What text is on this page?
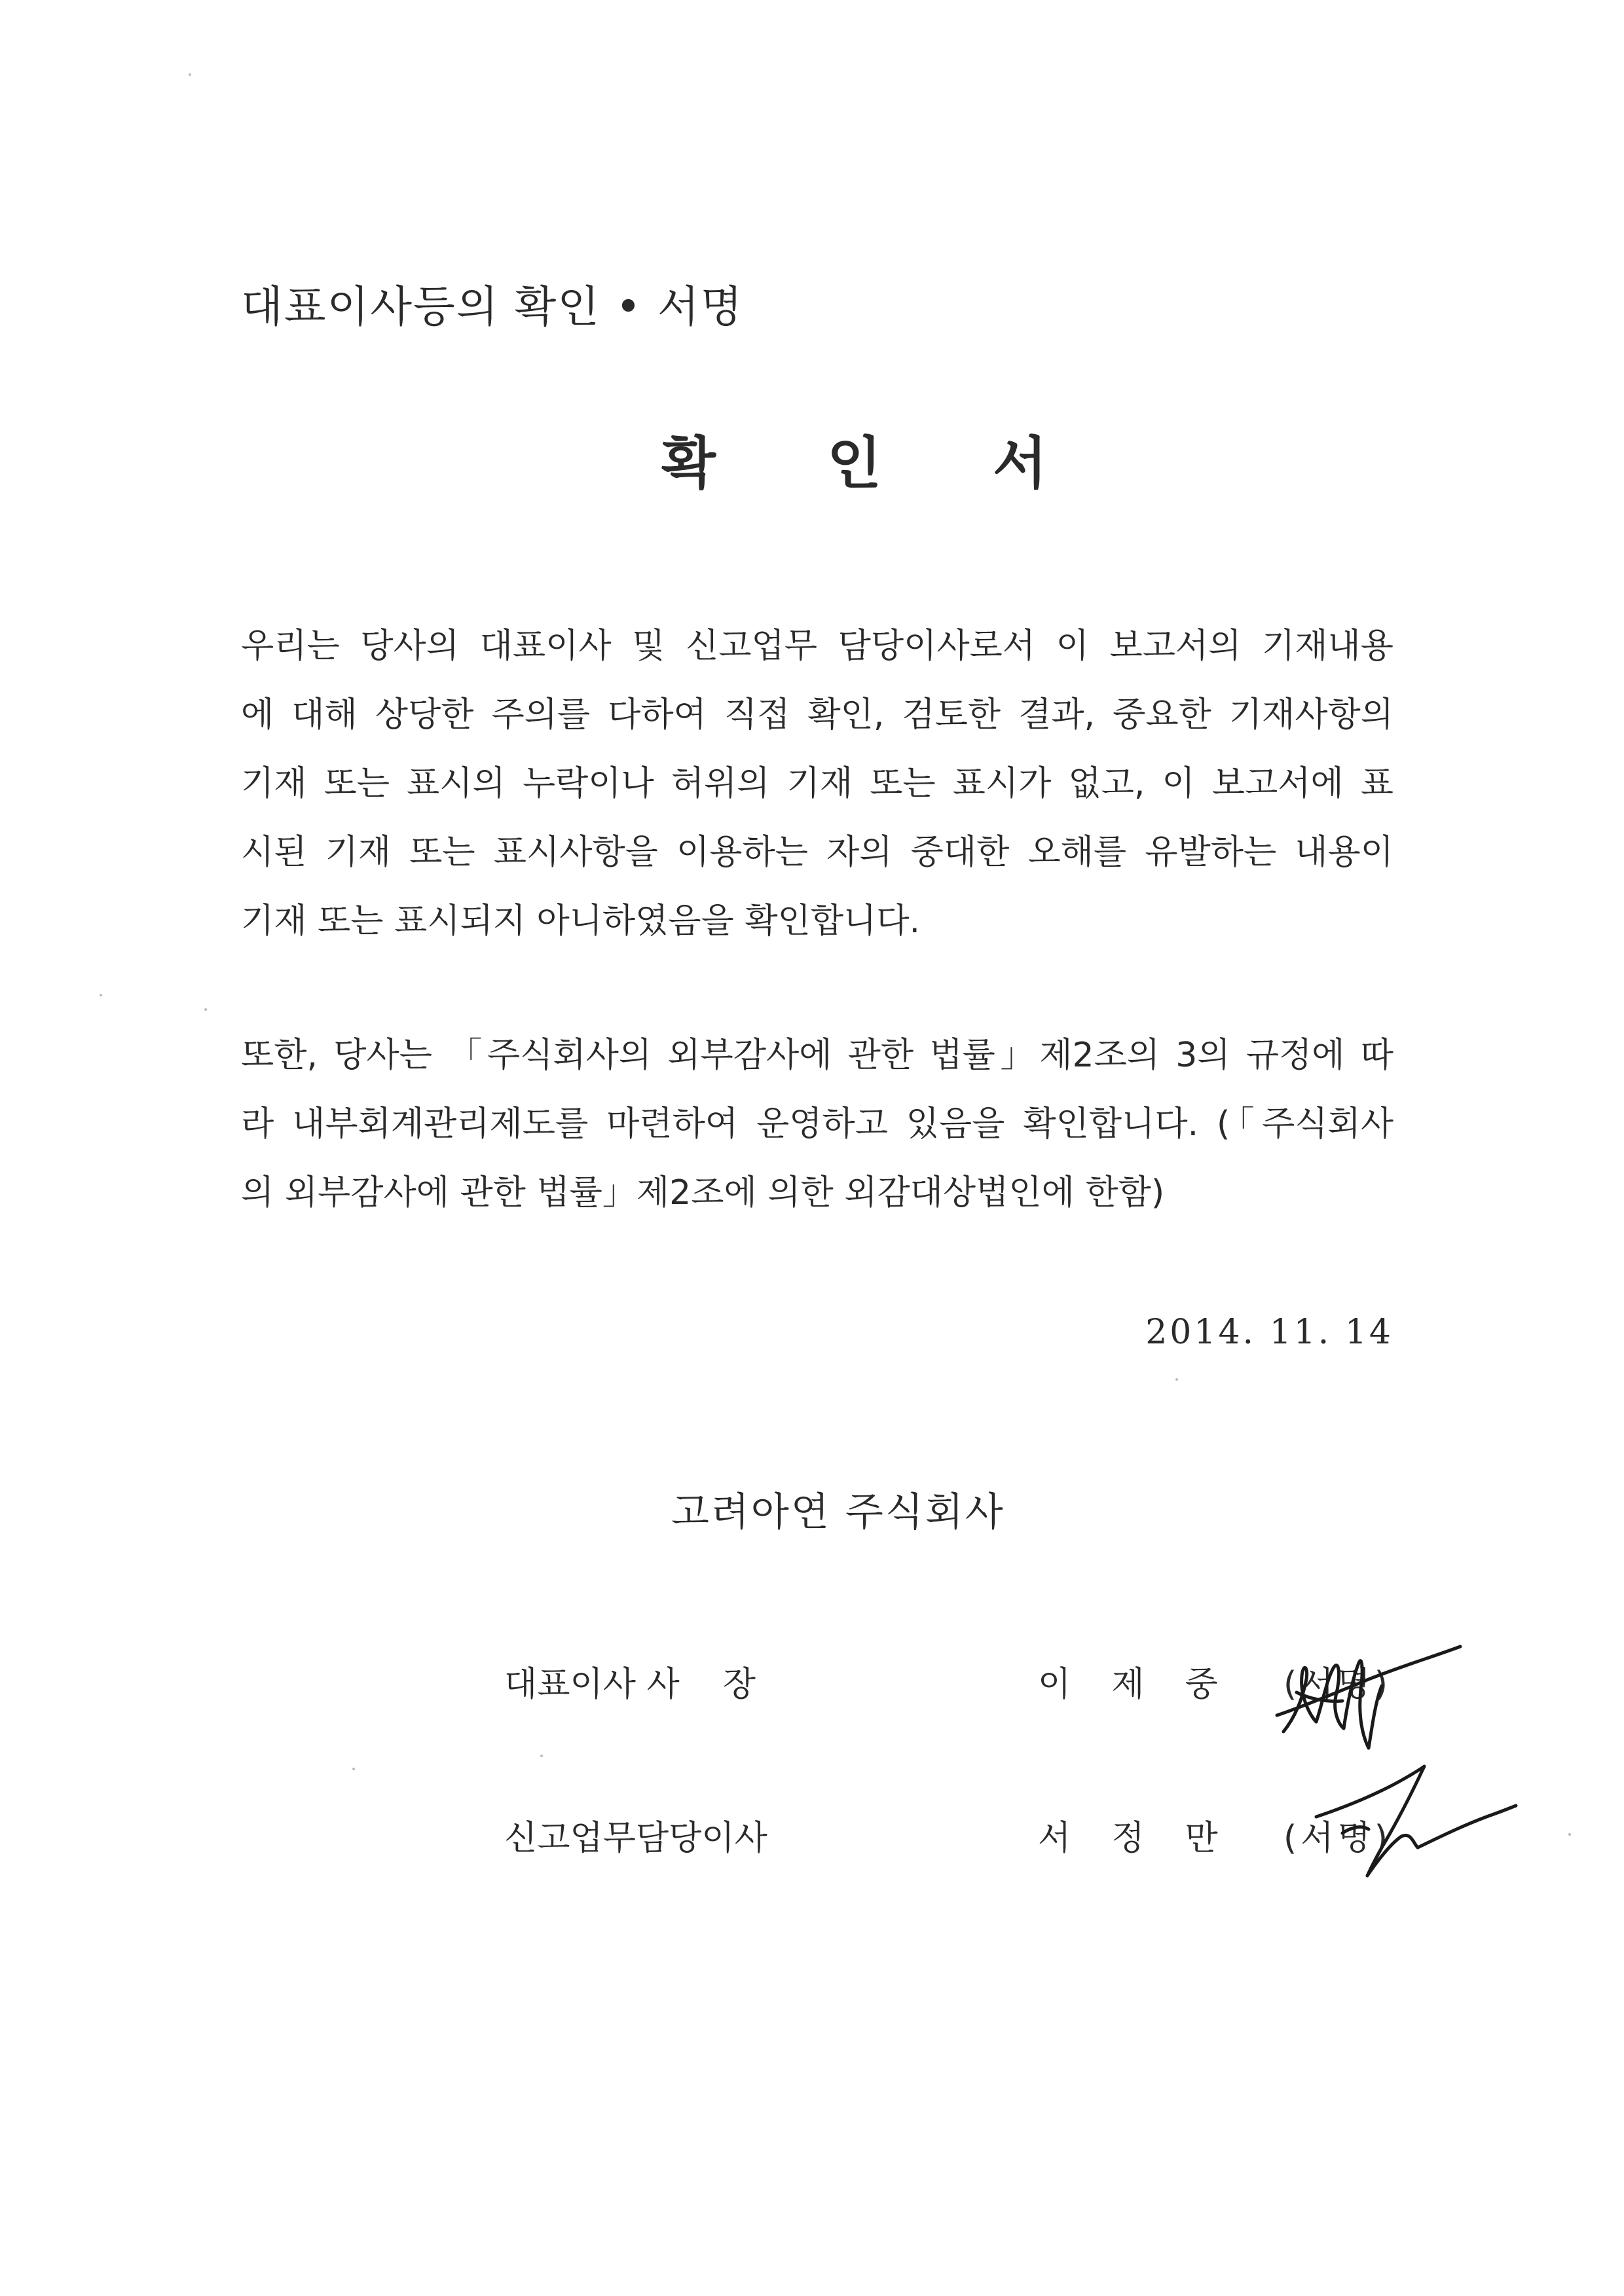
대표이사등의 확인 • 서명
확 인 서
우리는 당사의 대표이사 및 신고업무 담당이사로서 이 보고서의 기재내용
에 대해 상당한 주의를 다하여 직접 확인, 검토한 결과, 중요한 기재사항의
기재 또는 표시의 누락이나 허위의 기재 또는 표시가 없고, 이 보고서에 표
시된 기재 또는 표시사항을 이용하는 자의 중대한 오해를 유발하는 내용이
기재 또는 표시되지 아니하였음을 확인합니다.
또한, 당사는 「주식회사의 외부감사에 관한 법률」제2조의 3의 규정에 따
라 내부회계관리제도를 마련하여 운영하고 있음을 확인합니다. (「주식회사
의 외부감사에 관한 법률」제2조에 의한 외감대상법인에 한함)
2014. 11. 14
고려아연 주식회사
대표이사 사    장	이제중 (서명)
신고업무담당이사	서정만 (서명)
